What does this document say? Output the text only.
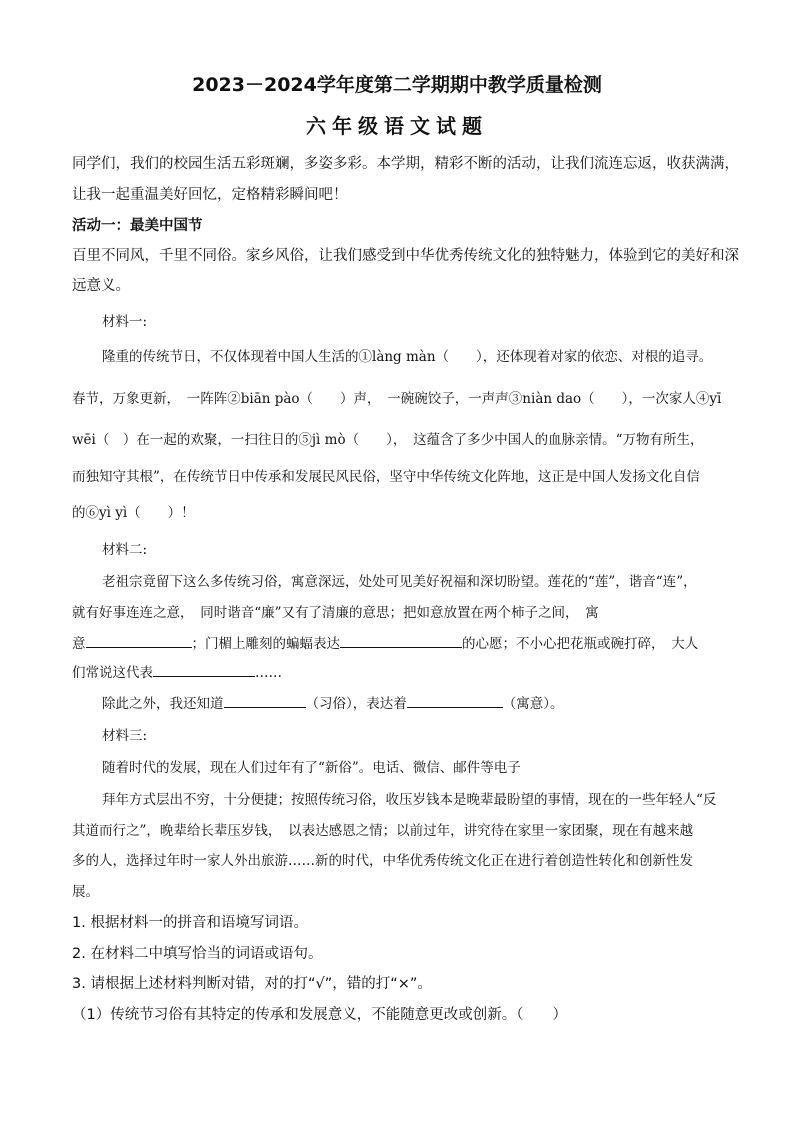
2023－2024学年度第二学期期中教学质量检测
六年级语文试题
同学们，我们的校园生活五彩斑斓，多姿多彩。本学期，精彩不断的活动，让我们流连忘返，收获满满，
让我一起重温美好回忆，定格精彩瞬间吧！
活动一：最美中国节
百里不同风，千里不同俗。家乡风俗，让我们感受到中华优秀传统文化的独特魅力，体验到它的美好和深
远意义。
材料一:
隆重的传统节日，不仅体现着中国人生活的①làng màn（　　），还体现着对家的依恋、对根的追寻。
春节，万象更新，　一阵阵②biān pào（　　）声，　一碗碗饺子，一声声③niàn dao（　　），一次家人④yī
wēi（　）在一起的欢聚，一扫往日的⑤jì mò（　　），　这蕴含了多少中国人的血脉亲情。“万物有所生，
而独知守其根”，在传统节日中传承和发展民风民俗，坚守中华传统文化阵地，这正是中国人发扬文化自信
的⑥yì yì（　　）！
材料二:
老祖宗竟留下这么多传统习俗，寓意深远，处处可见美好祝福和深切盼望。莲花的“莲”，谐音“连”，
就有好事连连之意，　同时谐音“廉”又有了清廉的意思；把如意放置在两个柿子之间，　寓
意	；门楣上雕刻的蝙蝠表达	的心愿；不小心把花瓶或碗打碎，　大人
们常说这代表	……
除此之外，我还知道	（习俗），表达着	（寓意）。
材料三:
随着时代的发展，现在人们过年有了“新俗”。电话、微信、邮件等电子
拜年方式层出不穷，十分便捷；按照传统习俗，收压岁钱本是晚辈最盼望的事情，现在的一些年轻人“反
其道而行之”，晚辈给长辈压岁钱，　以表达感恩之情；以前过年，讲究待在家里一家团聚，现在有越来越
多的人，选择过年时一家人外出旅游……新的时代，中华优秀传统文化正在进行着创造性转化和创新性发
展。
1. 根据材料一的拼音和语境写词语。
2. 在材料二中填写恰当的词语或语句。
3. 请根据上述材料判断对错，对的打“√”，错的打“×”。
（1）传统节习俗有其特定的传承和发展意义，不能随意更改或创新。（　　）
